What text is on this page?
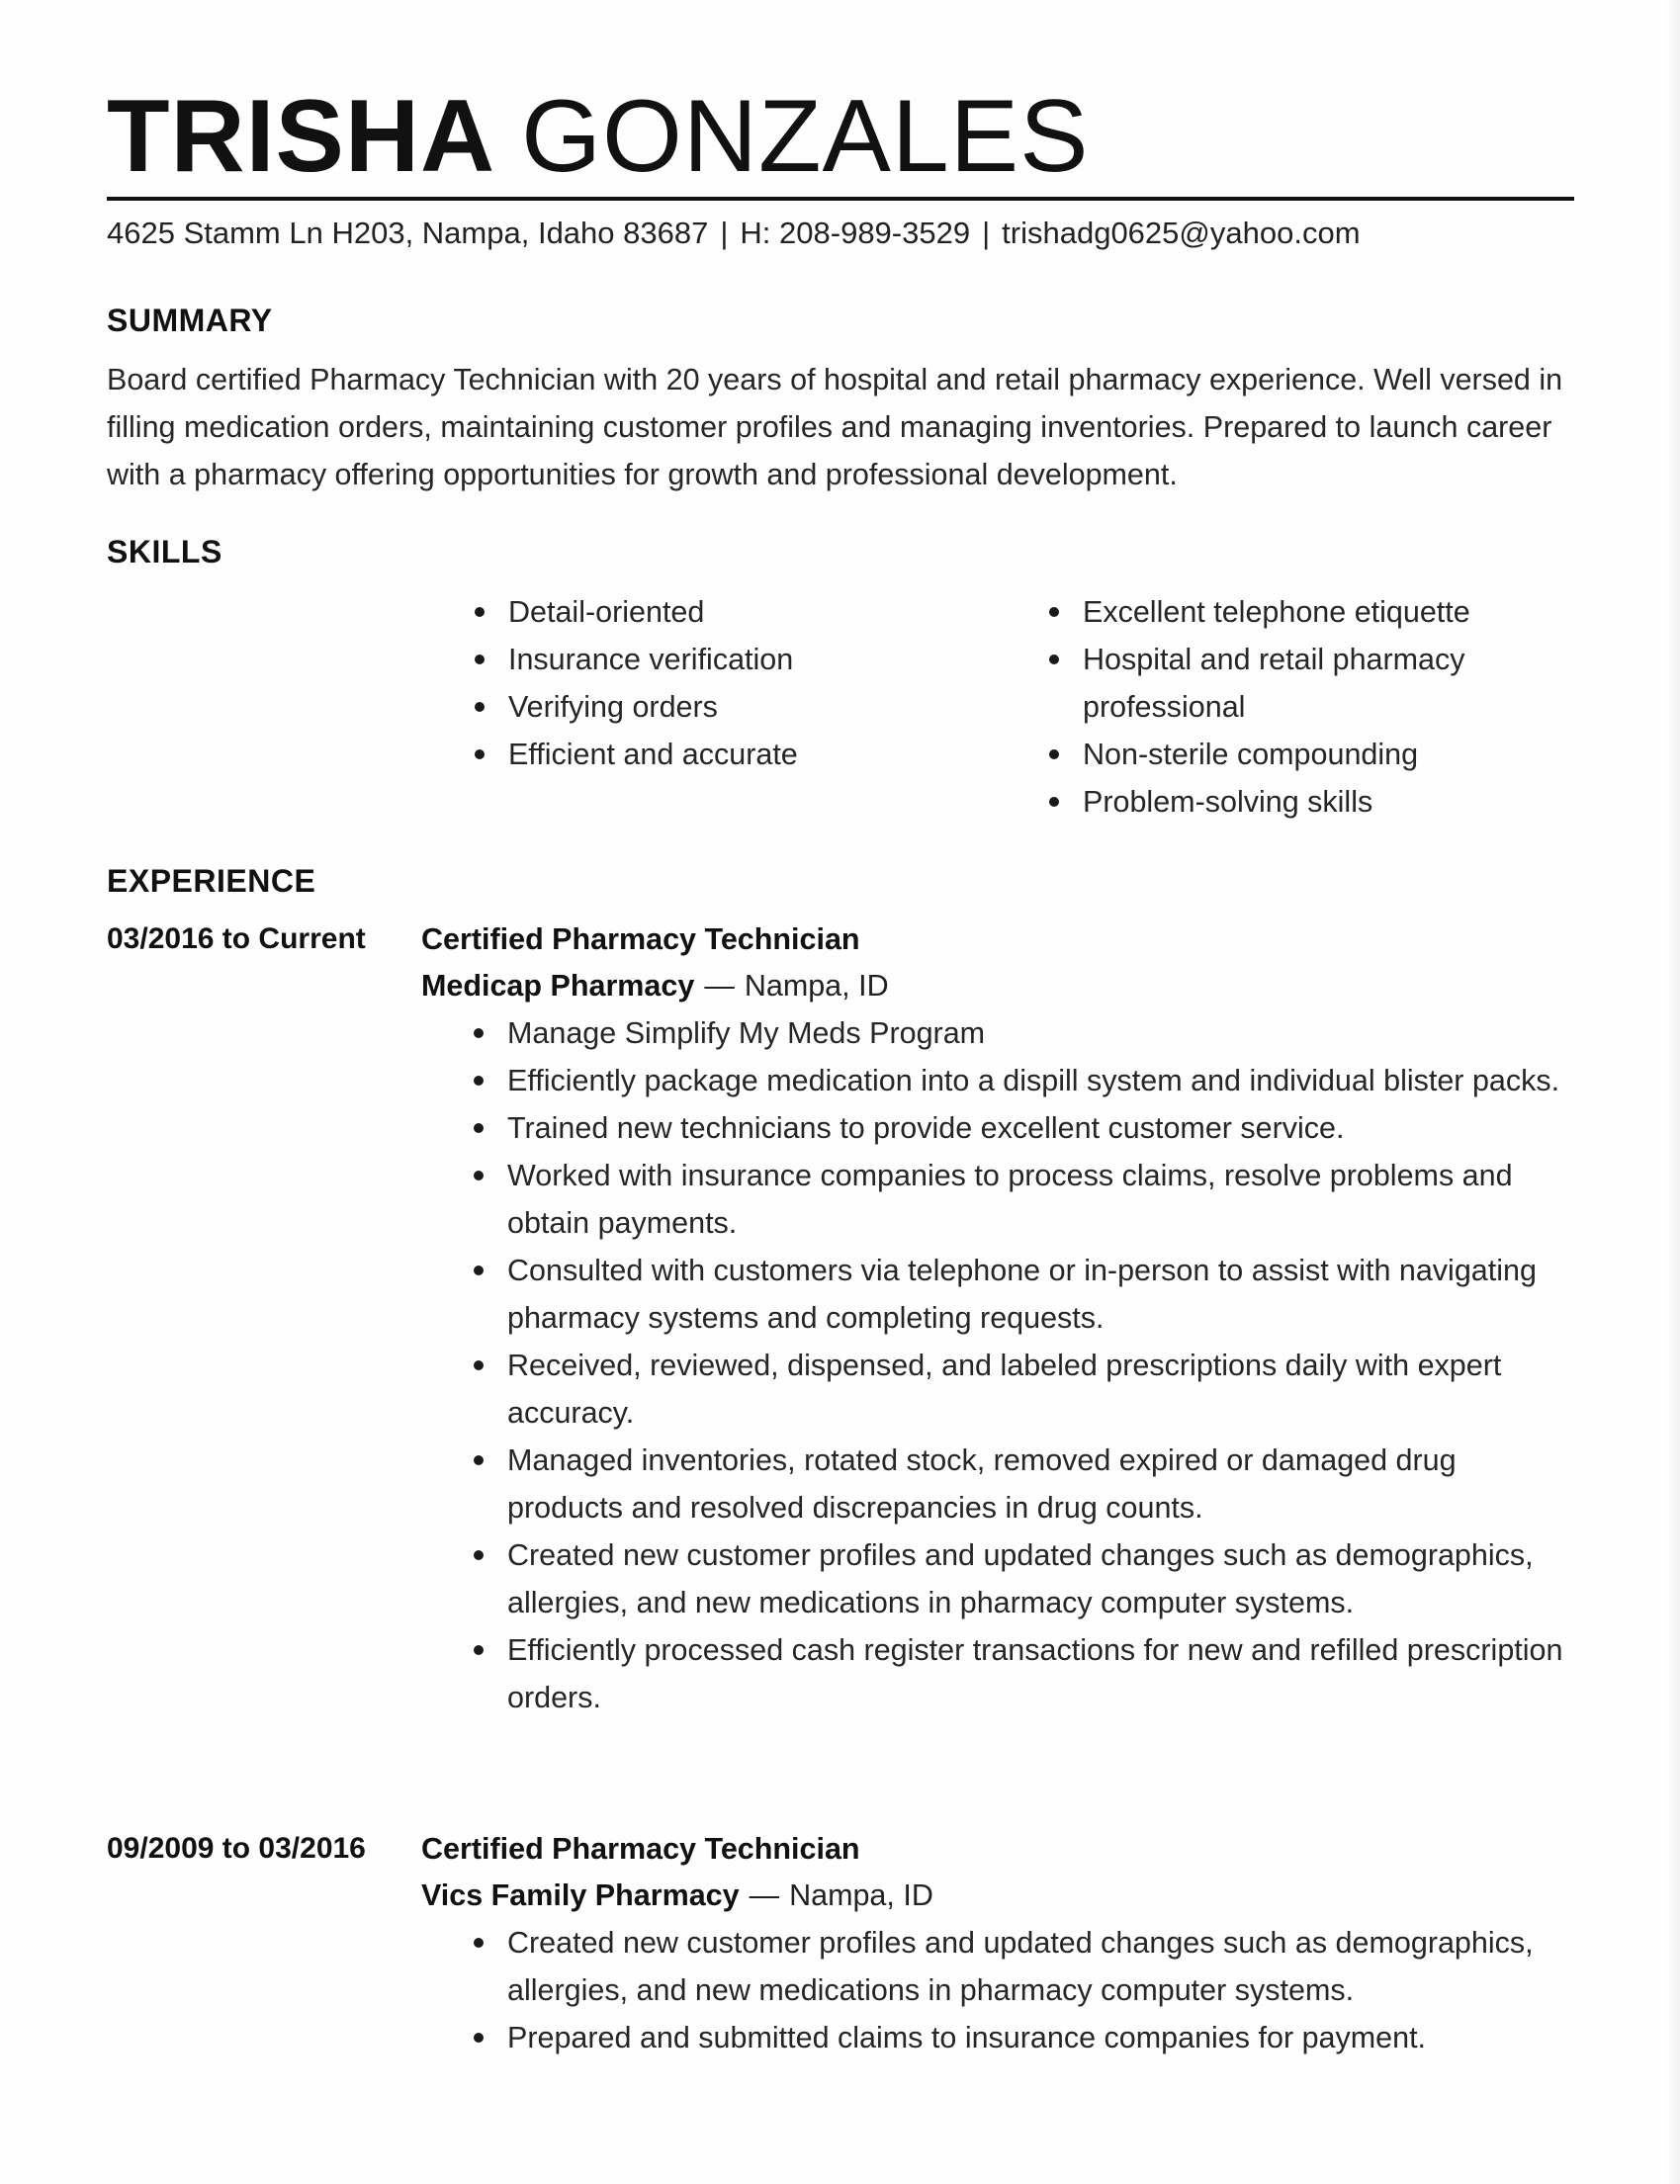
TRISHA GONZALES
4625 Stamm Ln H203, Nampa, Idaho 83687 | H: 208-989-3529 | trishadg0625@yahoo.com
SUMMARY
Board certified Pharmacy Technician with 20 years of hospital and retail pharmacy experience. Well versed in filling medication orders, maintaining customer profiles and managing inventories. Prepared to launch career with a pharmacy offering opportunities for growth and professional development.
SKILLS
Detail-oriented
Insurance verification
Verifying orders
Efficient and accurate
Excellent telephone etiquette
Hospital and retail pharmacy professional
Non-sterile compounding
Problem-solving skills
EXPERIENCE
03/2016 to Current Certified Pharmacy Technician
Medicap Pharmacy — Nampa, ID
Manage Simplify My Meds Program
Efficiently package medication into a dispill system and individual blister packs.
Trained new technicians to provide excellent customer service.
Worked with insurance companies to process claims, resolve problems and obtain payments.
Consulted with customers via telephone or in-person to assist with navigating pharmacy systems and completing requests.
Received, reviewed, dispensed, and labeled prescriptions daily with expert accuracy.
Managed inventories, rotated stock, removed expired or damaged drug products and resolved discrepancies in drug counts.
Created new customer profiles and updated changes such as demographics, allergies, and new medications in pharmacy computer systems.
Efficiently processed cash register transactions for new and refilled prescription orders.
09/2009 to 03/2016 Certified Pharmacy Technician
Vics Family Pharmacy — Nampa, ID
Created new customer profiles and updated changes such as demographics, allergies, and new medications in pharmacy computer systems.
Prepared and submitted claims to insurance companies for payment.
